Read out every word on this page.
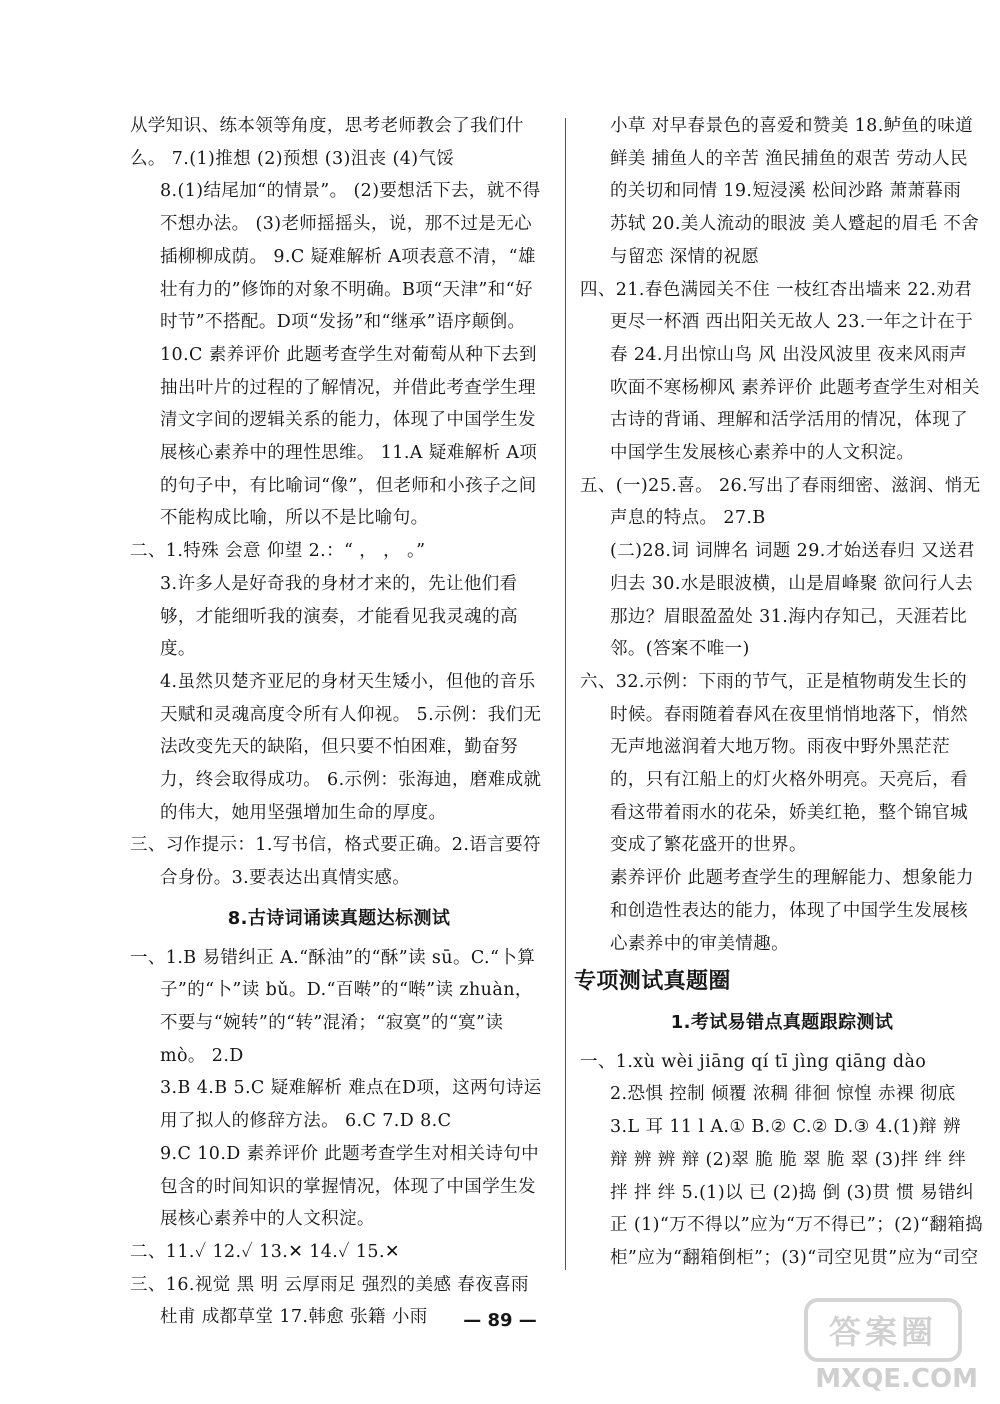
从学知识、练本领等角度，思考老师教会了我们什么。 7.(1)推想 (2)预想 (3)沮丧 (4)气馁
8.(1)结尾加“的情景”。 (2)要想活下去，就不得不想办法。 (3)老师摇摇头，说，那不过是无心插柳柳成荫。 9.C 疑难解析 A项表意不清，“雄壮有力的”修饰的对象不明确。B项“天津”和“好时节”不搭配。D项“发扬”和“继承”语序颠倒。
10.C 素养评价 此题考查学生对葡萄从种下去到抽出叶片的过程的了解情况，并借此考查学生理清文字间的逻辑关系的能力，体现了中国学生发展核心素养中的理性思维。 11.A 疑难解析 A项的句子中，有比喻词“像”，但老师和小孩子之间不能构成比喻，所以不是比喻句。
二、1.特殊 会意 仰望 2.：“ ， ， 。”
3.许多人是好奇我的身材才来的，先让他们看够，才能细听我的演奏，才能看见我灵魂的高度。
4.虽然贝楚齐亚尼的身材天生矮小，但他的音乐天赋和灵魂高度令所有人仰视。 5.示例：我们无法改变先天的缺陷，但只要不怕困难，勤奋努力，终会取得成功。 6.示例：张海迪，磨难成就的伟大，她用坚强增加生命的厚度。
三、习作提示：1.写书信，格式要正确。2.语言要符合身份。3.要表达出真情实感。
8.古诗词诵读真题达标测试
一、1.B 易错纠正 A.“酥油”的“酥”读 sū。C.“卜算子”的“卜”读 bǔ。D.“百啭”的“啭”读 zhuàn，不要与“婉转”的“转”混淆；“寂寞”的“寞”读 mò。 2.D
3.B 4.B 5.C 疑难解析 难点在D项，这两句诗运用了拟人的修辞方法。 6.C 7.D 8.C
9.C 10.D 素养评价 此题考查学生对相关诗句中包含的时间知识的掌握情况，体现了中国学生发展核心素养中的人文积淀。
二、11.✓ 12.✓ 13.✕ 14.✓ 15.✕
三、16.视觉 黑 明 云厚雨足 强烈的美感 春夜喜雨 杜甫 成都草堂 17.韩愈 张籍 小雨
小草 对早春景色的喜爱和赞美 18.鲈鱼的味道鲜美 捕鱼人的辛苦 渔民捕鱼的艰苦 劳动人民的关切和同情 19.短浸溪 松间沙路 萧萧暮雨 苏轼 20.美人流动的眼波 美人蹙起的眉毛 不舍与留恋 深情的祝愿
四、21.春色满园关不住 一枝红杏出墙来 22.劝君更尽一杯酒 西出阳关无故人 23.一年之计在于春 24.月出惊山鸟 风 出没风波里 夜来风雨声 吹面不寒杨柳风 素养评价 此题考查学生对相关古诗的背诵、理解和活学活用的情况，体现了中国学生发展核心素养中的人文积淀。
五、(一)25.喜。 26.写出了春雨细密、滋润、悄无声息的特点。 27.B
(二)28.词 词牌名 词题 29.才始送春归 又送君归去 30.水是眼波横，山是眉峰聚 欲问行人去那边？眉眼盈盈处 31.海内存知己，天涯若比邻。(答案不唯一)
六、32.示例：下雨的节气，正是植物萌发生长的时候。春雨随着春风在夜里悄悄地落下，悄然无声地滋润着大地万物。雨夜中野外黑茫茫的，只有江船上的灯火格外明亮。天亮后，看看这带着雨水的花朵，娇美红艳，整个锦官城变成了繁花盛开的世界。
素养评价 此题考查学生的理解能力、想象能力和创造性表达的能力，体现了中国学生发展核心素养中的审美情趣。
专项测试真题圈
1.考试易错点真题跟踪测试
一、1.xù wèi jiāng qí tī jìng qiāng dào
2.恐惧 控制 倾覆 浓稠 徘徊 惊惶 赤裸 彻底 3.L 耳 11 l A.① B.② C.② D.③ 4.(1)辩 辨 辩 辨 辨 辩 (2)翠 脆 脆 翠 脆 翠 (3)拌 绊 绊 拌 拌 绊 5.(1)以 已 (2)捣 倒 (3)贯 惯 易错纠正 (1)“万不得以”应为“万不得已”；(2)“翻箱捣柜”应为“翻箱倒柜”；(3)“司空见贯”应为“司空
— 89 —	答案圈
MXQE.COM
